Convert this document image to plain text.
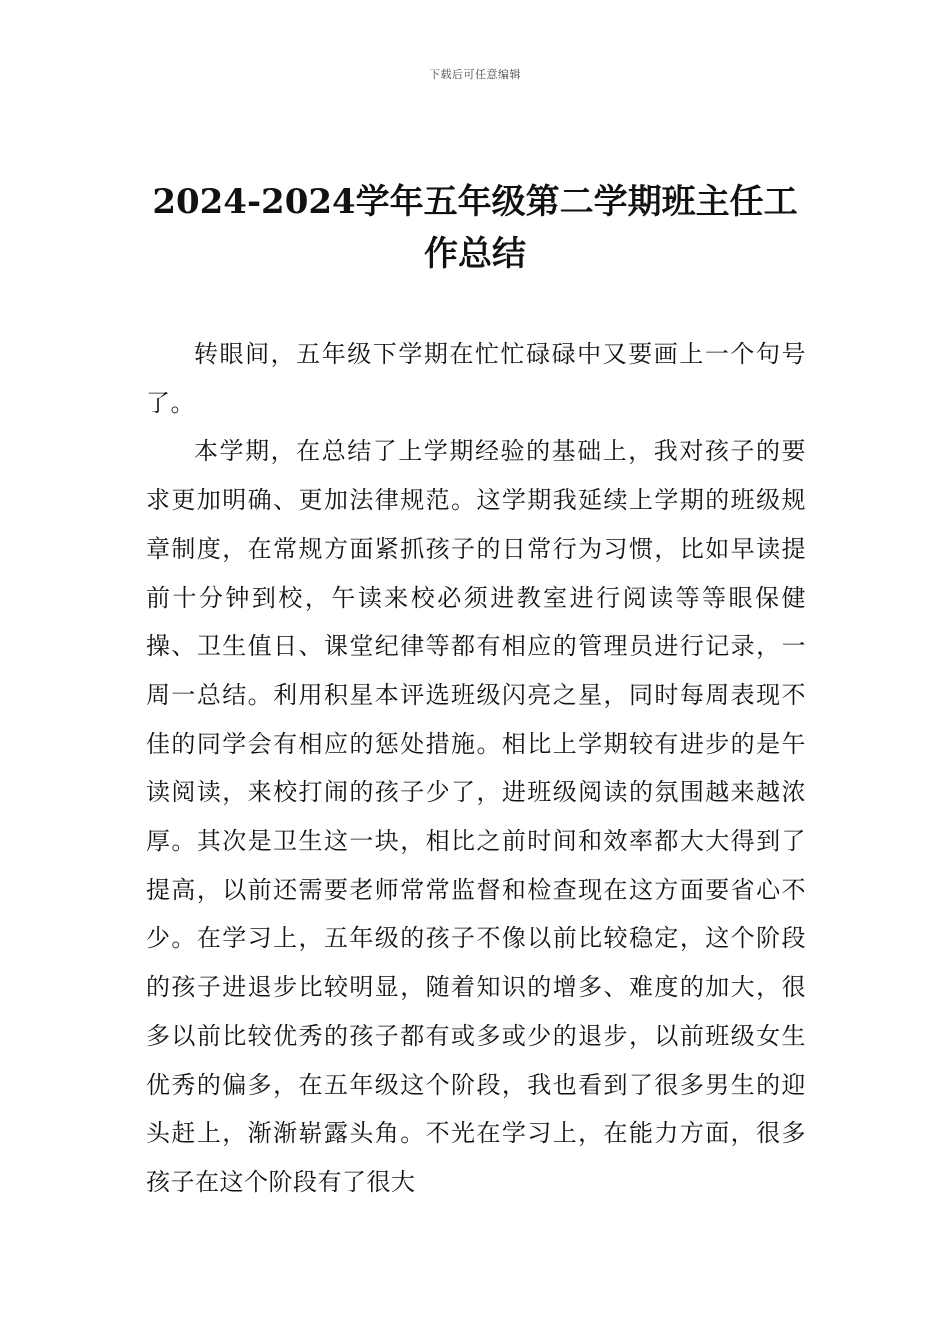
下载后可任意编辑
2024-2024学年五年级第二学期班主任工作总结

转眼间，五年级下学期在忙忙碌碌中又要画上一个句号了。

本学期，在总结了上学期经验的基础上，我对孩子的要求更加明确、更加法律规范。这学期我延续上学期的班级规章制度，在常规方面紧抓孩子的日常行为习惯，比如早读提前十分钟到校，午读来校必须进教室进行阅读等等眼保健操、卫生值日、课堂纪律等都有相应的管理员进行记录，一周一总结。利用积星本评选班级闪亮之星，同时每周表现不佳的同学会有相应的惩处措施。相比上学期较有进步的是午读阅读，来校打闹的孩子少了，进班级阅读的氛围越来越浓厚。其次是卫生这一块，相比之前时间和效率都大大得到了提高，以前还需要老师常常监督和检查现在这方面要省心不少。在学习上，五年级的孩子不像以前比较稳定，这个阶段的孩子进退步比较明显，随着知识的增多、难度的加大，很多以前比较优秀的孩子都有或多或少的退步，以前班级女生优秀的偏多，在五年级这个阶段，我也看到了很多男生的迎头赶上，渐渐崭露头角。不光在学习上，在能力方面，很多孩子在这个阶段有了很大
